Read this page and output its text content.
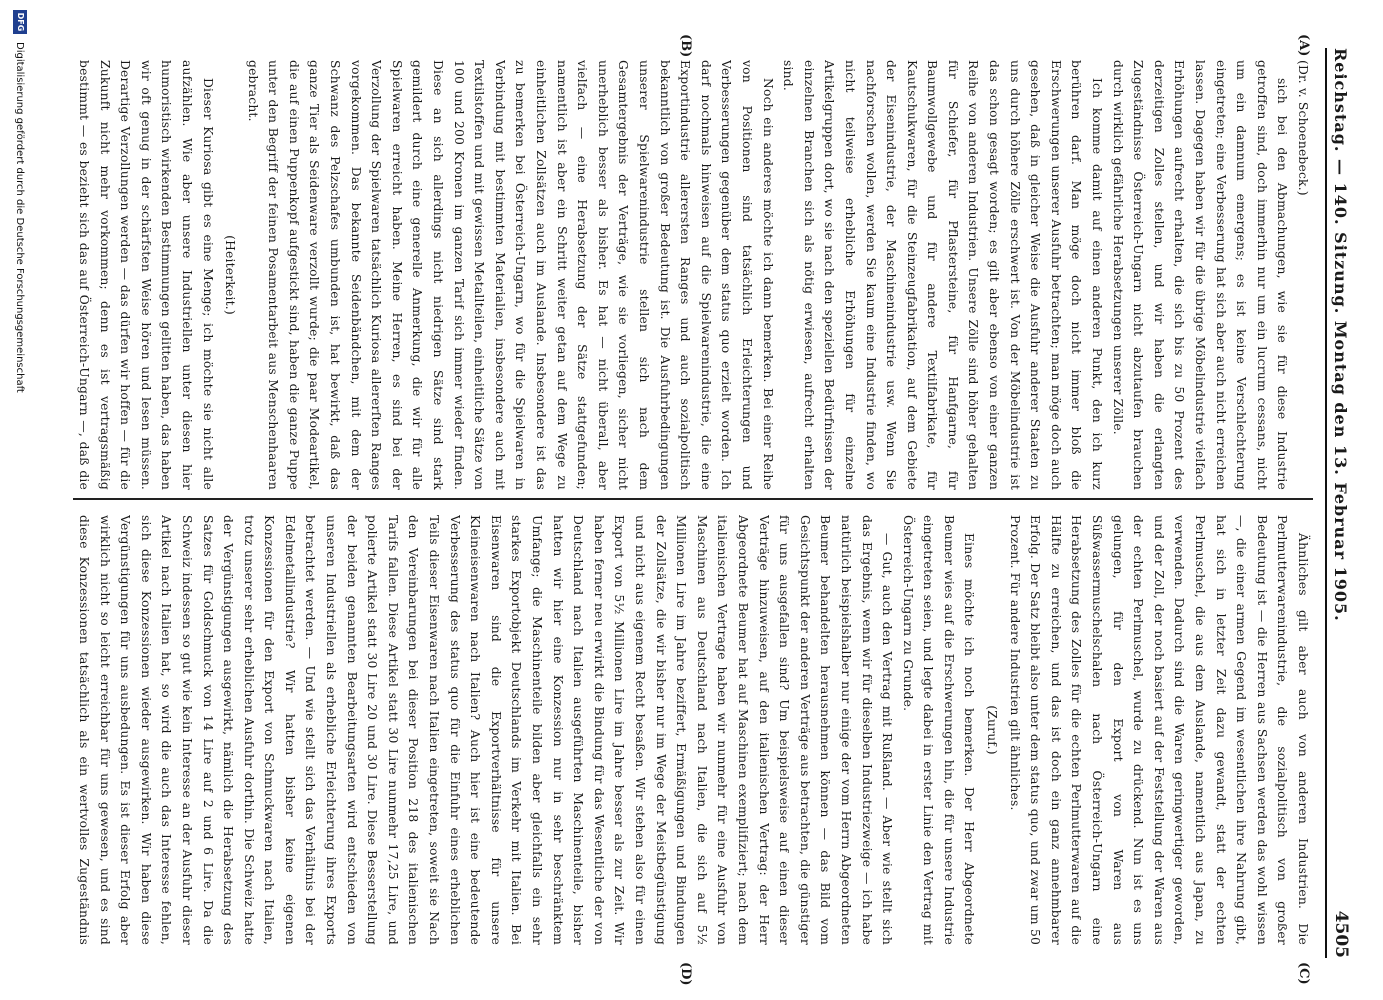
Reichstag. — 140. Sitzung. Montag den 13. Februar 1905.
4505
(A)
(B)
(C)
(D)

(Dr. v. Schoenebeck.)

sich bei den Abmachungen, wie sie für diese Industrie getroffen sind, doch immerhin nur um ein lucrum cessans, nicht um ein damnum emergens; es ist keine Verschlechterung eingetreten; eine Verbesserung hat sich aber auch nicht erreichen lassen. Dagegen haben wir für die übrige Möbelindustrie vielfach Erhöhungen aufrecht erhalten, die sich bis zu 50 Prozent des derzeitigen Zolles stellen, und wir haben die erlangten Zugeständnisse Österreich-Ungarn nicht abzutaufen brauchen durch wirklich gefährliche Herabsetzungen unserer Zölle.

Ich komme damit auf einen anderen Punkt, den ich kurz berühren darf. Man möge doch nicht immer bloß die Erschwerungen unserer Ausfuhr betrachten; man möge doch auch gesehen, daß in gleicher Weise die Ausfuhr anderer Staaten zu uns durch höhere Zölle erschwert ist. Von der Möbelindustrie ist das schon gesagt worden; es gilt aber ebenso von einer ganzen Reihe von anderen Industrien. Unsere Zölle sind höher gehalten für Schiefer, für Pflastersteine, für Hanfgarne, für Baumwollgewebe und für andere Textilfabrikate, für Kautschukwaren, für die Steinzeugfabrikation, auf dem Gebiete der Eisenindustrie, der Maschinenindustrie usw. Wenn Sie nachforschen wollen, werden Sie kaum eine Industrie finden, wo nicht teilweise erhebliche Erhöhungen für einzelne Artikelgruppen dort, wo sie nach den speziellen Bedürfnissen der einzelnen Branchen sich als nötig erwiesen, aufrecht erhalten sind.

Noch ein anderes möchte ich dann bemerken. Bei einer Reihe von Positionen sind tatsächlich Erleichterungen und Verbesserungen gegenüber dem status quo erzielt worden. Ich darf nochmals hinweisen auf die Spielwarenindustrie, die eine Exportindustrie allerersten Ranges und auch sozialpolitisch bekanntlich von großer Bedeutung ist. Die Ausfuhrbedingungen unserer Spielwarenindustrie stellen sich nach dem Gesamtergebnis der Verträge, wie sie vorliegen, sicher nicht unerheblich besser als bisher. Es hat — nicht überall, aber vielfach — eine Herabsetzung der Sätze stattgefunden; namentlich ist aber ein Schritt weiter getan auf dem Wege zu einheitlichen Zollsätzen auch im Auslande. Insbesondere ist das zu bemerken bei Österreich-Ungarn, wo für die Spielwaren in Verbindung mit bestimmten Materialien, insbesondere auch mit Textilstoffen und mit gewissen Metallteilen, einheitliche Sätze von 100 und 200 Kronen im ganzen Tarif sich immer wieder finden. Diese an sich allerdings nicht niedrigen Sätze sind stark gemildert durch eine generelle Anmerkung, die wir für alle Spielwaren erreicht haben. Meine Herren, es sind bei der Verzollung der Spielwaren tatsächlich Kuriosa allererſten Ranges vorgekommen. Das bekannte Seidenbändchen, mit dem der Schwanz des Pelzschafes umbunden ist, hat bewirkt, daß das ganze Tier als Seidenware verzollt wurde; die paar Modeartikel, die auf einen Puppenkopf aufgestickt sind, haben die ganze Puppe unter den Begriff der feinen Posamentarbeit aus Menschenhaaren gebracht.

(Heiterkeit.)

Dieser Kuriosa gibt es eine Menge; ich möchte sie nicht alle aufzählen. Wie aber unsere Industriellen unter diesen hier humoristisch wirkenden Bestimmungen gelitten haben, das haben wir oft genug in der schärfsten Weise hören und lesen müssen. Derartige Verzollungen werden — das dürfen wir hoffen — für die Zukunft nicht mehr vorkommen; denn es ist vertragsmäßig bestimmt — es bezieht sich das auf Österreich-Ungarn —, daß die

Ähnliches gilt aber auch von anderen Industrien. Die Perlmutterwarenindustrie, die sozialpolitisch von großer Bedeutung ist — die Herren aus Sachsen werden das wohl wissen —, die einer armen Gegend im wesentlichen ihre Nahrung gibt, hat sich in letzter Zeit dazu gewandt, statt der echten Perlmuschel, die aus dem Auslande, namentlich aus Japan, zu verwenden. Dadurch sind die Waren geringwertiger geworden, und der Zoll, der noch basiert auf der Feststellung der Waren aus der echten Perlmuschel, wurde zu drückend. Nun ist es uns gelungen, für den Export von Waren aus Süßwassermuschelschalen nach Österreich-Ungarn eine Herabsetzung des Zolles für die echten Perlmutterwaren auf die Hälfte zu erreichen, und das ist doch ein ganz annehmbarer Erfolg. Der Satz bleibt also unter dem status quo, und zwar um 50 Prozent. Für andere Industrien gilt ähnliches.

(Zuruf.)

Eines möchte ich noch bemerken. Der Herr Abgeordnete Beumer wies auf die Erschwerungen hin, die für unsere Industrie eingetreten seien, und legte dabei in erster Linie den Vertrag mit Österreich-Ungarn zu Grunde.

— Gut, auch den Vertrag mit Rußland. — Aber wie stellt sich das Ergebnis, wenn wir für dieselben Industriezweige — ich habe natürlich beispielshalber nur einige der vom Herrn Abgeordneten Beumer behandelten herausnehmen können — das Bild vom Gesichtspunkt der anderen Verträge aus betrachten, die günstiger für uns ausgefallen sind? Um beispielsweise auf einen dieser Verträge hinzuweisen, auf den italienischen Vertrag: der Herr Abgeordnete Beumer hat auf Maschinen exemplifiziert; nach dem italienischen Vertrage haben wir nunmehr für eine Ausfuhr von Maschinen aus Deutschland nach Italien, die sich auf 5½ Millionen Lire im Jahre beziffert, Ermäßigungen und Bindungen der Zollsätze, die wir bisher nur im Wege der Meistbegünstigung und nicht aus eigenem Recht besaßen. Wir stehen also für einen Export von 5½ Millionen Lire im Jahre besser als zur Zeit. Wir haben ferner neu erwirkt die Bindung für das Wesentliche der von Deutschland nach Italien ausgeführten Maschinenteile, bisher hatten wir hier eine Konzession nur in sehr beschränktem Umfange; die Maschinenteile bilden aber gleichfalls ein sehr starkes Exportobjekt Deutschlands im Verkehr mit Italien. Bei Eisenwaren sind die Exportverhältnisse für unsere Kleineisenwaren nach Italien? Auch hier ist eine bedeutende Verbesserung des status quo für die Einfuhr eines erheblichen Teils dieser Eisenwaren nach Italien eingetreten, soweit sie Nach den Vereinbarungen bei dieser Position 218 des italienischen Tarifs fallen. Diese Artikel statt 30 Lire nunmehr 17,25 Lire, und polierte Artikel statt 30 Lire 20 und 30 Lire. Diese Besserstellung der beiden genannten Bearbeitungsarten wird entschieden von unseren Industriellen als erhebliche Erleichterung ihres Exports betrachtet werden. — Und wie stellt sich das Verhältnis bei der Edelmetallindustrie? Wir hatten bisher keine eigenen Konzessionen für den Export von Schmuckwaren nach Italien, trotz unserer sehr erheblichen Ausfuhr dorthin. Die Schweiz hatte der Vergünstigungen ausgewirkt, nämlich die Herabsetzung des Satzes für Goldschmuck von 14 Lire auf 2 und 6 Lire. Da die Schweiz indessen so gut wie kein Interesse an der Ausfuhr dieser Artikel nach Italien hat, so wird die auch das Interesse fehlen, sich diese Konzessionen wieder ausgewirken. Wir haben diese Vergünstigungen für uns ausbedungen. Es ist dieser Erfolg aber wirklich nicht so leicht erreichbar für uns gewesen, und es sind diese Konzessionen tatsächlich als ein wertvolles Zugeständnis

DFG
Digitalisierung gefördert durch die Deutsche Forschungsgemeinschaft
